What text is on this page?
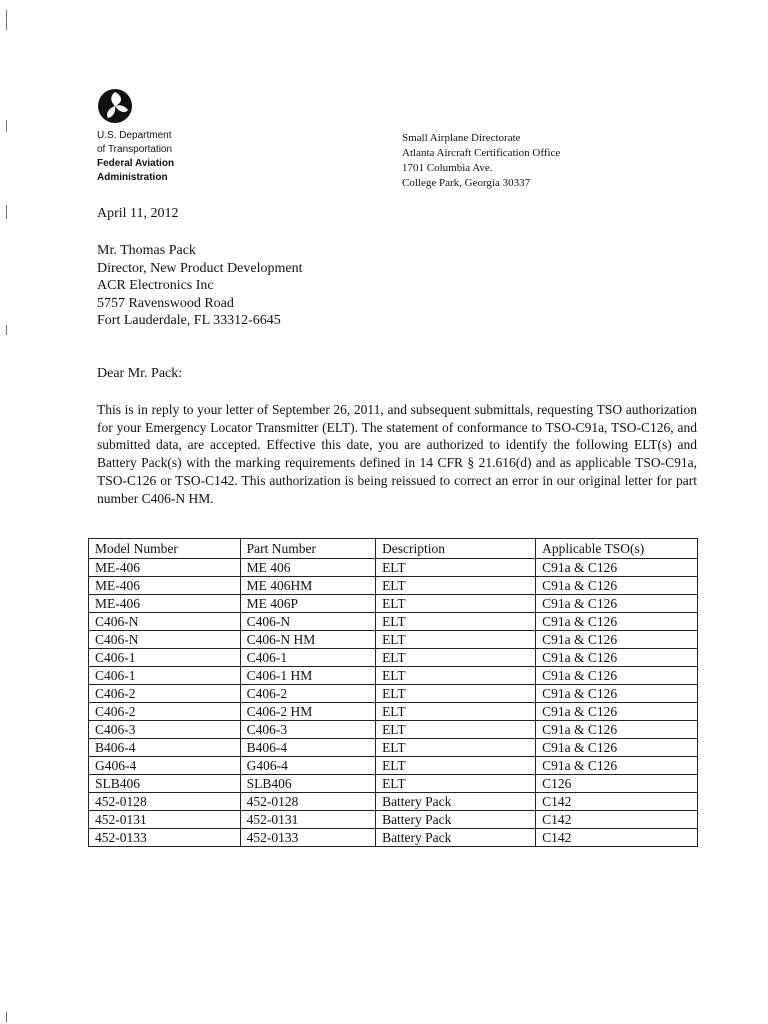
U.S. Department
of Transportation
Federal Aviation
Administration
Small Airplane Directorate
Atlanta Aircraft Certification Office
1701 Columbia Ave.
College Park, Georgia 30337
April 11, 2012
Mr. Thomas Pack
Director, New Product Development
ACR Electronics Inc
5757 Ravenswood Road
Fort Lauderdale, FL 33312-6645
Dear Mr. Pack:
This is in reply to your letter of September 26, 2011, and subsequent submittals, requesting TSO authorization for your Emergency Locator Transmitter (ELT). The statement of conformance to TSO-C91a, TSO-C126, and submitted data, are accepted. Effective this date, you are authorized to identify the following ELT(s) and Battery Pack(s) with the marking requirements defined in 14 CFR § 21.616(d) and as applicable TSO-C91a, TSO-C126 or TSO-C142. This authorization is being reissued to correct an error in our original letter for part number C406-N HM.
Model Number	Part Number	Description	Applicable TSO(s)
ME-406	ME 406	ELT	C91a & C126
ME-406	ME 406HM	ELT	C91a & C126
ME-406	ME 406P	ELT	C91a & C126
C406-N	C406-N	ELT	C91a & C126
C406-N	C406-N HM	ELT	C91a & C126
C406-1	C406-1	ELT	C91a & C126
C406-1	C406-1 HM	ELT	C91a & C126
C406-2	C406-2	ELT	C91a & C126
C406-2	C406-2 HM	ELT	C91a & C126
C406-3	C406-3	ELT	C91a & C126
B406-4	B406-4	ELT	C91a & C126
G406-4	G406-4	ELT	C91a & C126
SLB406	SLB406	ELT	C126
452-0128	452-0128	Battery Pack	C142
452-0131	452-0131	Battery Pack	C142
452-0133	452-0133	Battery Pack	C142
